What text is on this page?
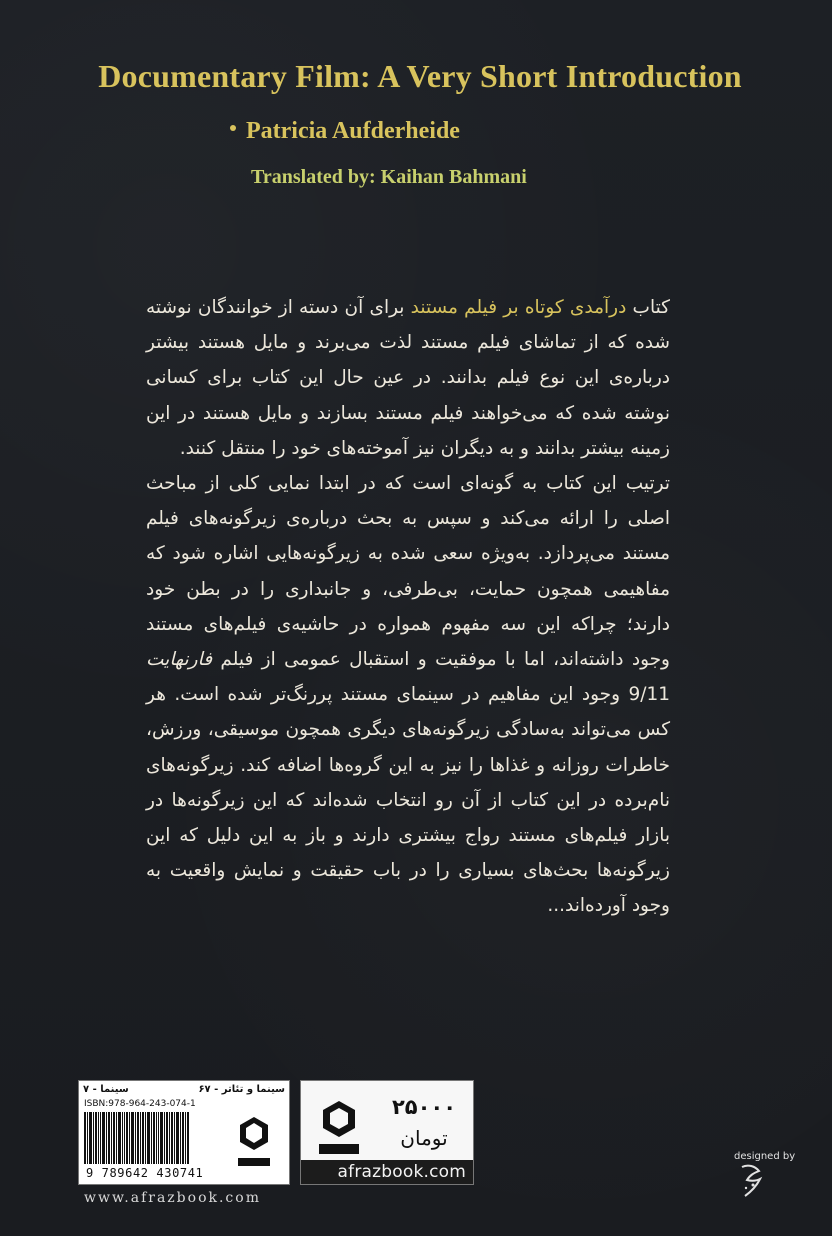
Documentary Film: A Very Short Introduction
Patricia Aufderheide
Translated by: Kaihan Bahmani

کتاب درآمدی کوتاه بر فیلم مستند برای آن دسته از خوانندگان نوشته شده که از تماشای فیلم مستند لذت می‌برند و مایل هستند بیشتر درباره‌ی این نوع فیلم بدانند. در عین حال این کتاب برای کسانی نوشته شده که می‌خواهند فیلم مستند بسازند و مایل هستند در این زمینه بیشتر بدانند و به دیگران نیز آموخته‌های خود را منتقل کنند.

ترتیب این کتاب به گونه‌ای است که در ابتدا نمایی کلی از مباحث اصلی را ارائه می‌کند و سپس به بحث درباره‌ی زیرگونه‌های فیلم مستند می‌پردازد. به‌ویژه سعی شده به زیرگونه‌هایی اشاره شود که مفاهیمی همچون حمایت، بی‌طرفی، و جانبداری را در بطن خود دارند؛ چراکه این سه مفهوم همواره در حاشیه‌ی فیلم‌های مستند وجود داشته‌اند، اما با موفقیت و استقبال عمومی از فیلم فارنهایت 9/11 وجود این مفاهیم در سینمای مستند پررنگ‌تر شده است. هر کس می‌تواند به‌سادگی زیرگونه‌های دیگری همچون موسیقی، ورزش، خاطرات روزانه و غذاها را نیز به این گروه‌ها اضافه کند. زیرگونه‌های نام‌برده در این کتاب از آن رو انتخاب شده‌اند که این زیرگونه‌ها در بازار فیلم‌های مستند رواج بیشتری دارند و باز به این دلیل که این زیرگونه‌ها بحث‌های بسیاری را در باب حقیقت و نمایش واقعیت به وجود آورده‌اند...

سینما - ۷	سینما و تئاتر - ۶۷
ISBN:978-964-243-074-1
9 789642 430741
۲۵۰۰۰
تومان
afrazbook.com
www.afrazbook.com
designed by
